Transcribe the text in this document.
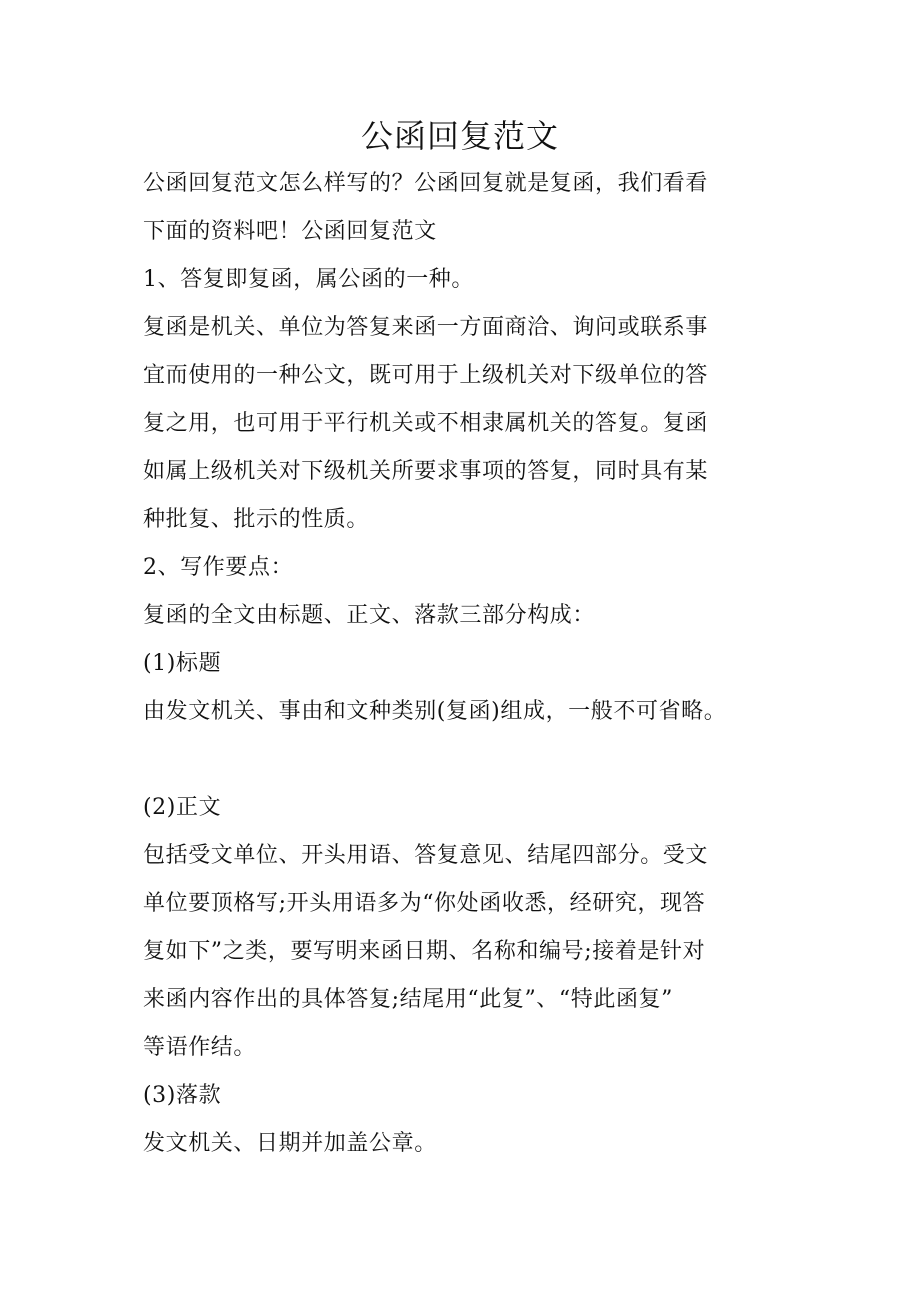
公函回复范文
公函回复范文怎么样写的？公函回复就是复函，我们看看
下面的资料吧！公函回复范文
1、答复即复函，属公函的一种。
复函是机关、单位为答复来函一方面商洽、询问或联系事
宜而使用的一种公文，既可用于上级机关对下级单位的答
复之用，也可用于平行机关或不相隶属机关的答复。复函
如属上级机关对下级机关所要求事项的答复，同时具有某
种批复、批示的性质。
2、写作要点：
复函的全文由标题、正文、落款三部分构成：
(1)标题
由发文机关、事由和文种类别(复函)组成，一般不可省略。
(2)正文
包括受文单位、开头用语、答复意见、结尾四部分。受文
单位要顶格写;开头用语多为“你处函收悉，经研究，现答
复如下”之类，要写明来函日期、名称和编号;接着是针对
来函内容作出的具体答复;结尾用“此复”、“特此函复”
等语作结。
(3)落款
发文机关、日期并加盖公章。
